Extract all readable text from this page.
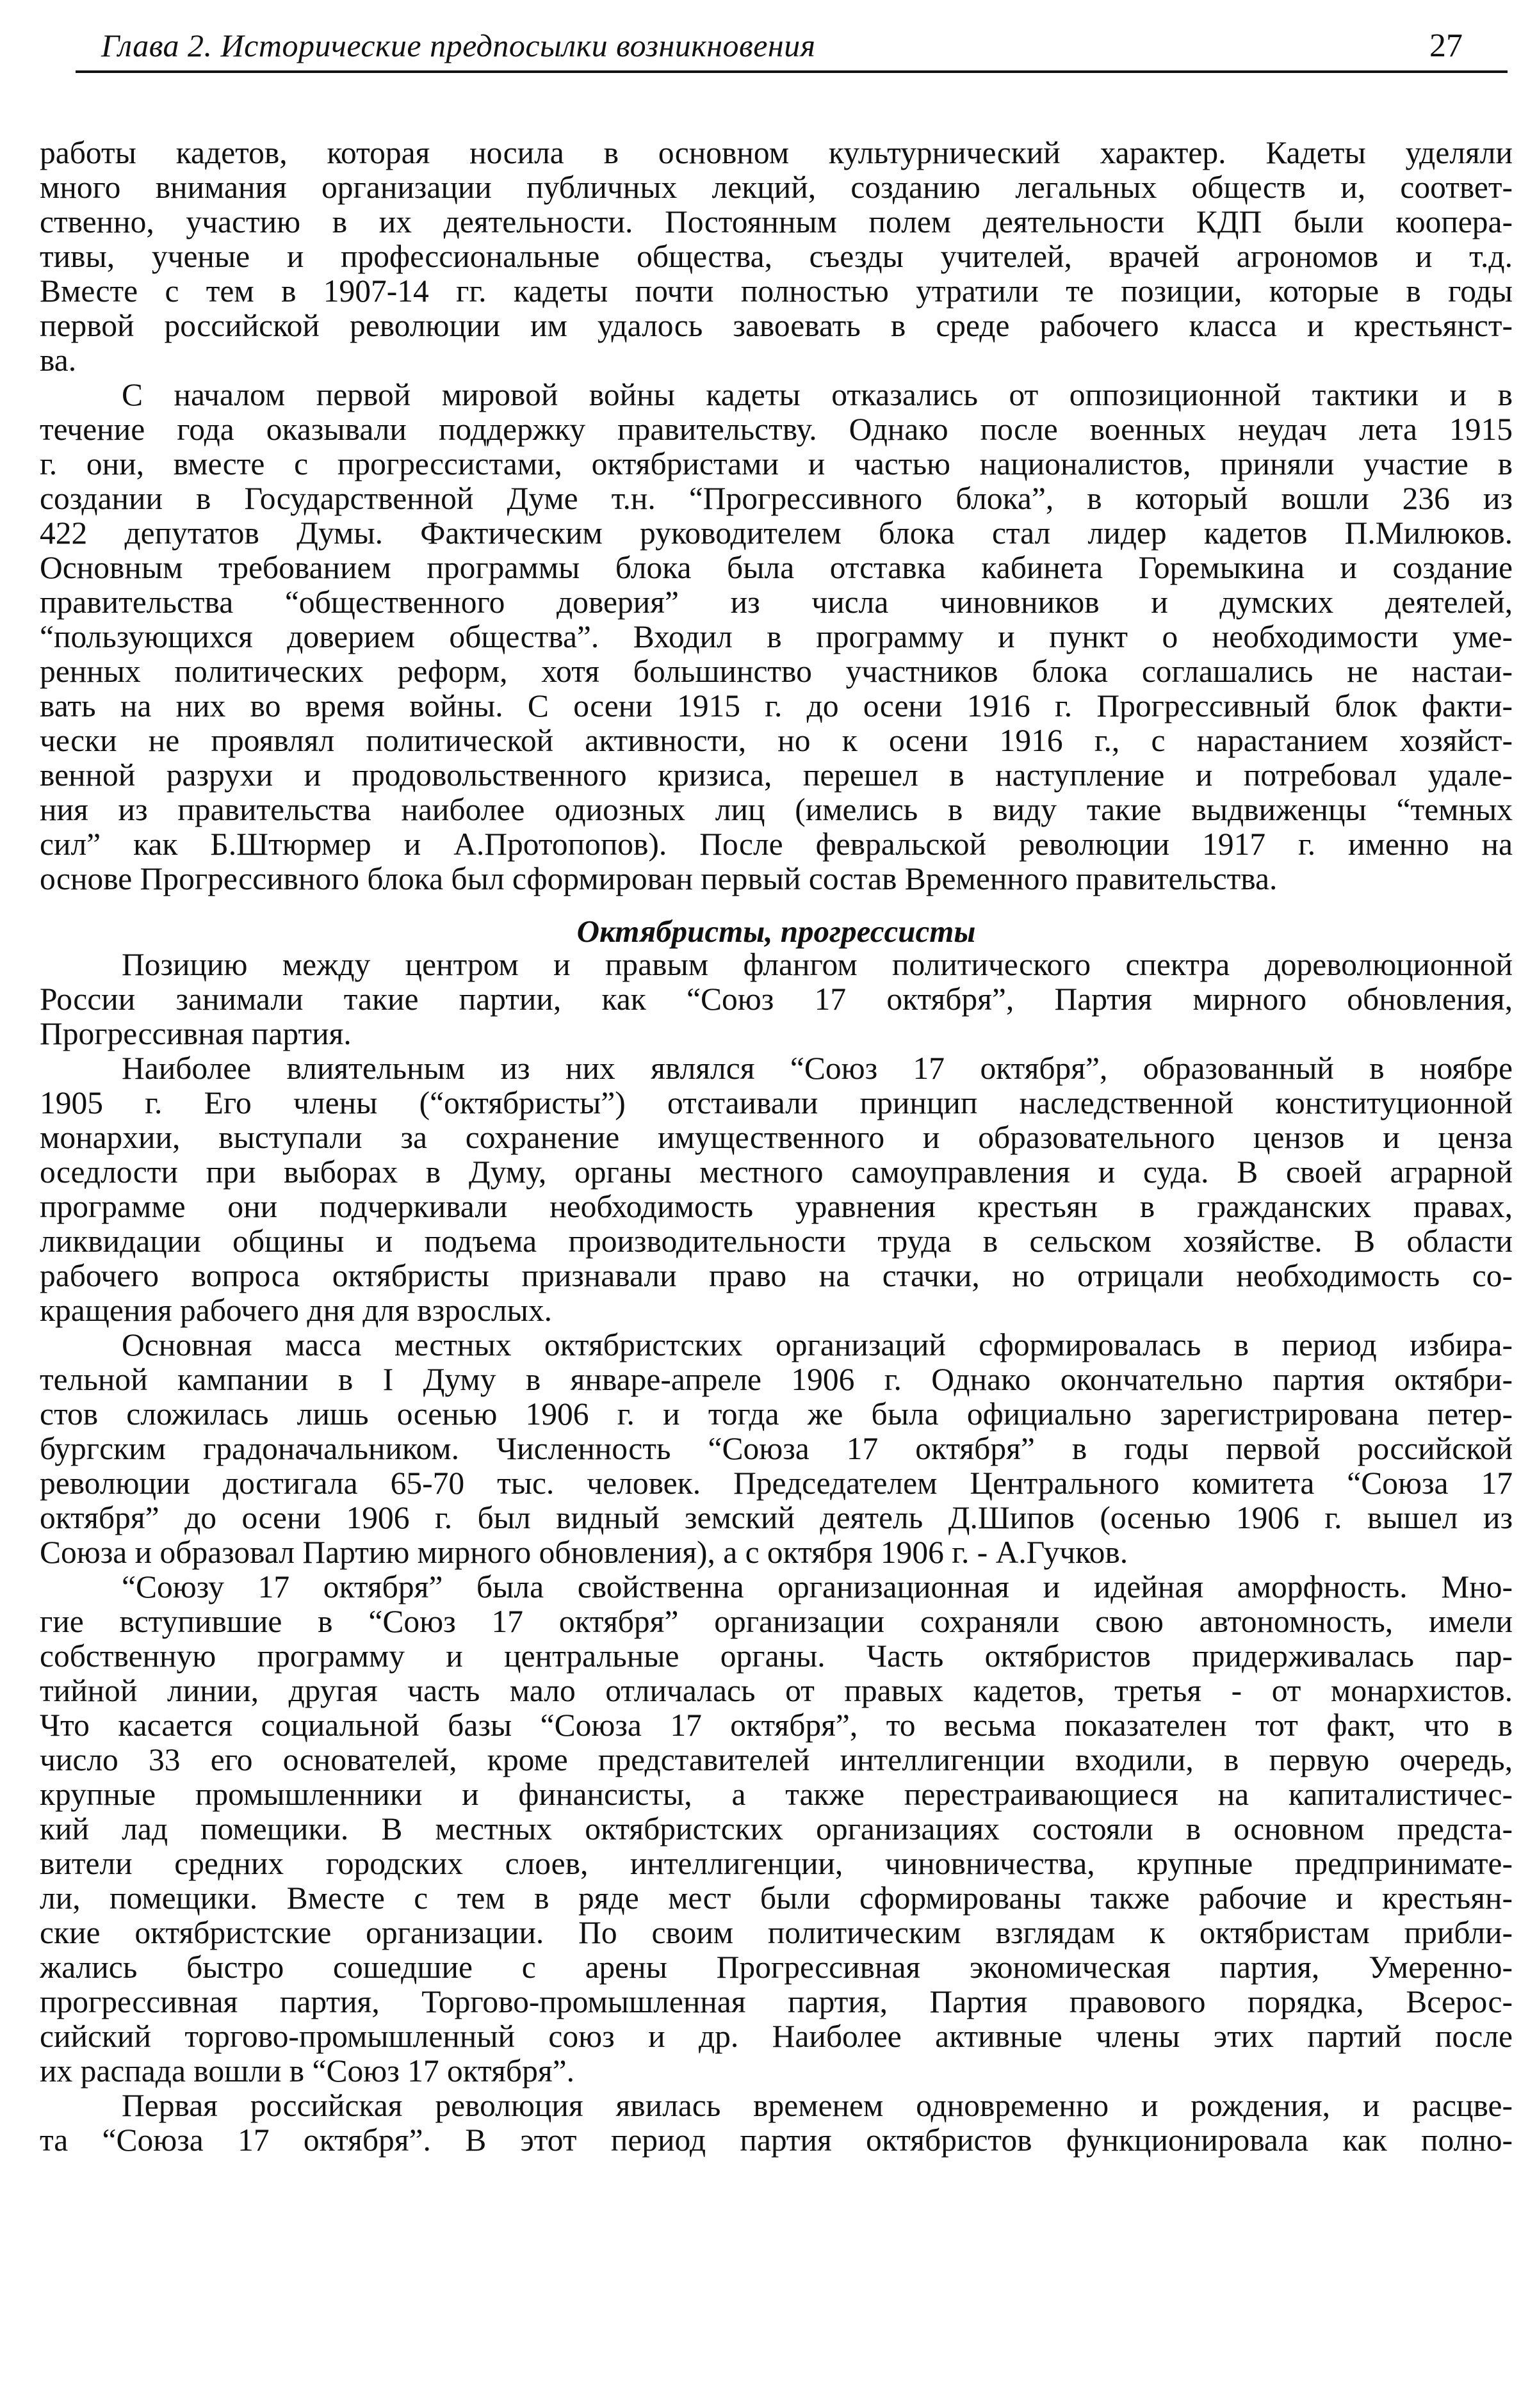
Глава 2. Исторические предпосылки возникновения	27
работы кадетов, которая носила в основном культурнический характер. Кадеты уделяли
много внимания организации публичных лекций, созданию легальных обществ и, соответ-
ственно, участию в их деятельности. Постоянным полем деятельности КДП были коопера-
тивы, ученые и профессиональные общества, съезды учителей, врачей агрономов и т.д.
Вместе с тем в 1907-14 гг. кадеты почти полностью утратили те позиции, которые в годы
первой российской революции им удалось завоевать в среде рабочего класса и крестьянст-
ва.
С началом первой мировой войны кадеты отказались от оппозиционной тактики и в
течение года оказывали поддержку правительству. Однако после военных неудач лета 1915
г. они, вместе с прогрессистами, октябристами и частью националистов, приняли участие в
создании в Государственной Думе т.н. “Прогрессивного блока”, в который вошли 236 из
422 депутатов Думы. Фактическим руководителем блока стал лидер кадетов П.Милюков.
Основным требованием программы блока была отставка кабинета Горемыкина и создание
правительства “общественного доверия” из числа чиновников и думских деятелей,
“пользующихся доверием общества”. Входил в программу и пункт о необходимости уме-
ренных политических реформ, хотя большинство участников блока соглашались не настаи-
вать на них во время войны. С осени 1915 г. до осени 1916 г. Прогрессивный блок факти-
чески не проявлял политической активности, но к осени 1916 г., с нарастанием хозяйст-
венной разрухи и продовольственного кризиса, перешел в наступление и потребовал удале-
ния из правительства наиболее одиозных лиц (имелись в виду такие выдвиженцы “темных
сил” как Б.Штюрмер и А.Протопопов). После февральской революции 1917 г. именно на
основе Прогрессивного блока был сформирован первый состав Временного правительства.
Октябристы, прогрессисты
Позицию между центром и правым флангом политического спектра дореволюционной
России занимали такие партии, как “Союз 17 октября”, Партия мирного обновления,
Прогрессивная партия.
Наиболее влиятельным из них являлся “Союз 17 октября”, образованный в ноябре
1905 г. Его члены (“октябристы”) отстаивали принцип наследственной конституционной
монархии, выступали за сохранение имущественного и образовательного цензов и ценза
оседлости при выборах в Думу, органы местного самоуправления и суда. В своей аграрной
программе они подчеркивали необходимость уравнения крестьян в гражданских правах,
ликвидации общины и подъема производительности труда в сельском хозяйстве. В области
рабочего вопроса октябристы признавали право на стачки, но отрицали необходимость со-
кращения рабочего дня для взрослых.
Основная масса местных октябристских организаций сформировалась в период избира-
тельной кампании в I Думу в январе-апреле 1906 г. Однако окончательно партия октябри-
стов сложилась лишь осенью 1906 г. и тогда же была официально зарегистрирована петер-
бургским градоначальником. Численность “Союза 17 октября” в годы первой российской
революции достигала 65-70 тыс. человек. Председателем Центрального комитета “Союза 17
октября” до осени 1906 г. был видный земский деятель Д.Шипов (осенью 1906 г. вышел из
Союза и образовал Партию мирного обновления), а с октября 1906 г. - А.Гучков.
“Союзу 17 октября” была свойственна организационная и идейная аморфность. Мно-
гие вступившие в “Союз 17 октября” организации сохраняли свою автономность, имели
собственную программу и центральные органы. Часть октябристов придерживалась пар-
тийной линии, другая часть мало отличалась от правых кадетов, третья - от монархистов.
Что касается социальной базы “Союза 17 октября”, то весьма показателен тот факт, что в
число 33 его основателей, кроме представителей интеллигенции входили, в первую очередь,
крупные промышленники и финансисты, а также перестраивающиеся на капиталистичес-
кий лад помещики. В местных октябристских организациях состояли в основном предста-
вители средних городских слоев, интеллигенции, чиновничества, крупные предпринимате-
ли, помещики. Вместе с тем в ряде мест были сформированы также рабочие и крестьян-
ские октябристские организации. По своим политическим взглядам к октябристам прибли-
жались быстро сошедшие с арены Прогрессивная экономическая партия, Умеренно-
прогрессивная партия, Торгово-промышленная партия, Партия правового порядка, Всерос-
сийский торгово-промышленный союз и др. Наиболее активные члены этих партий после
их распада вошли в “Союз 17 октября”.
Первая российская революция явилась временем одновременно и рождения, и расцве-
та “Союза 17 октября”. В этот период партия октябристов функционировала как полно-
